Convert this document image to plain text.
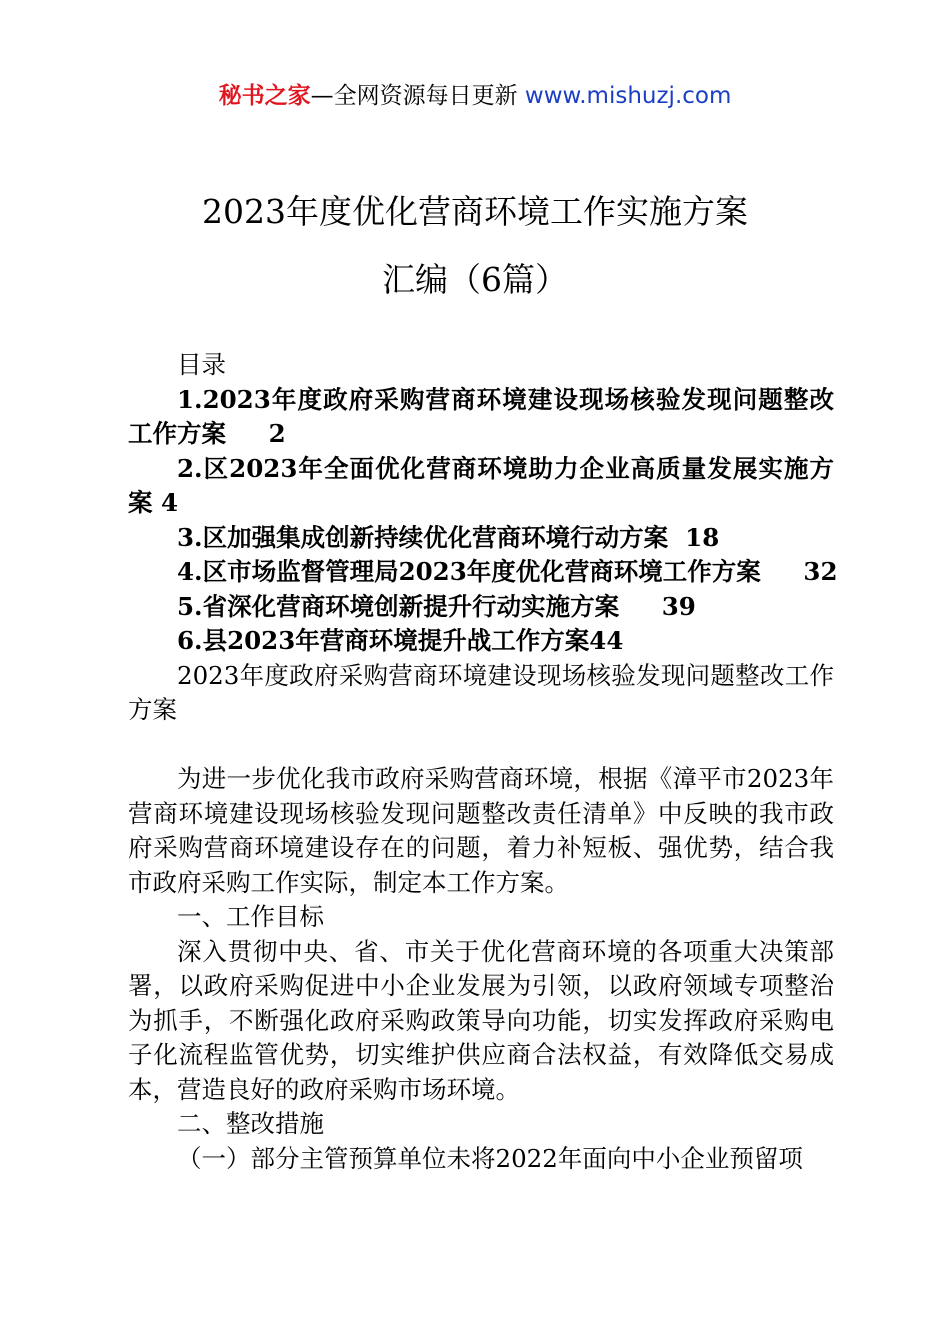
秘书之家—全网资源每日更新 www.mishuzj.com
2023年度优化营商环境工作实施方案
汇编（6篇）

目录

1.2023年度政府采购营商环境建设现场核验发现问题整改工作方案 2

2.区2023年全面优化营商环境助力企业高质量发展实施方案 4

3.区加强集成创新持续优化营商环境行动方案 18

4.区市场监督管理局2023年度优化营商环境工作方案 32

5.省深化营商环境创新提升行动实施方案 39

6.县2023年营商环境提升战工作方案44

2023年度政府采购营商环境建设现场核验发现问题整改工作方案

为进一步优化我市政府采购营商环境，根据《漳平市2023年营商环境建设现场核验发现问题整改责任清单》中反映的我市政府采购营商环境建设存在的问题，着力补短板、强优势，结合我市政府采购工作实际，制定本工作方案。

一、工作目标

深入贯彻中央、省、市关于优化营商环境的各项重大决策部署，以政府采购促进中小企业发展为引领，以政府领域专项整治为抓手，不断强化政府采购政策导向功能，切实发挥政府采购电子化流程监管优势，切实维护供应商合法权益，有效降低交易成本，营造良好的政府采购市场环境。

二、整改措施

（一）部分主管预算单位未将2022年面向中小企业预留项
